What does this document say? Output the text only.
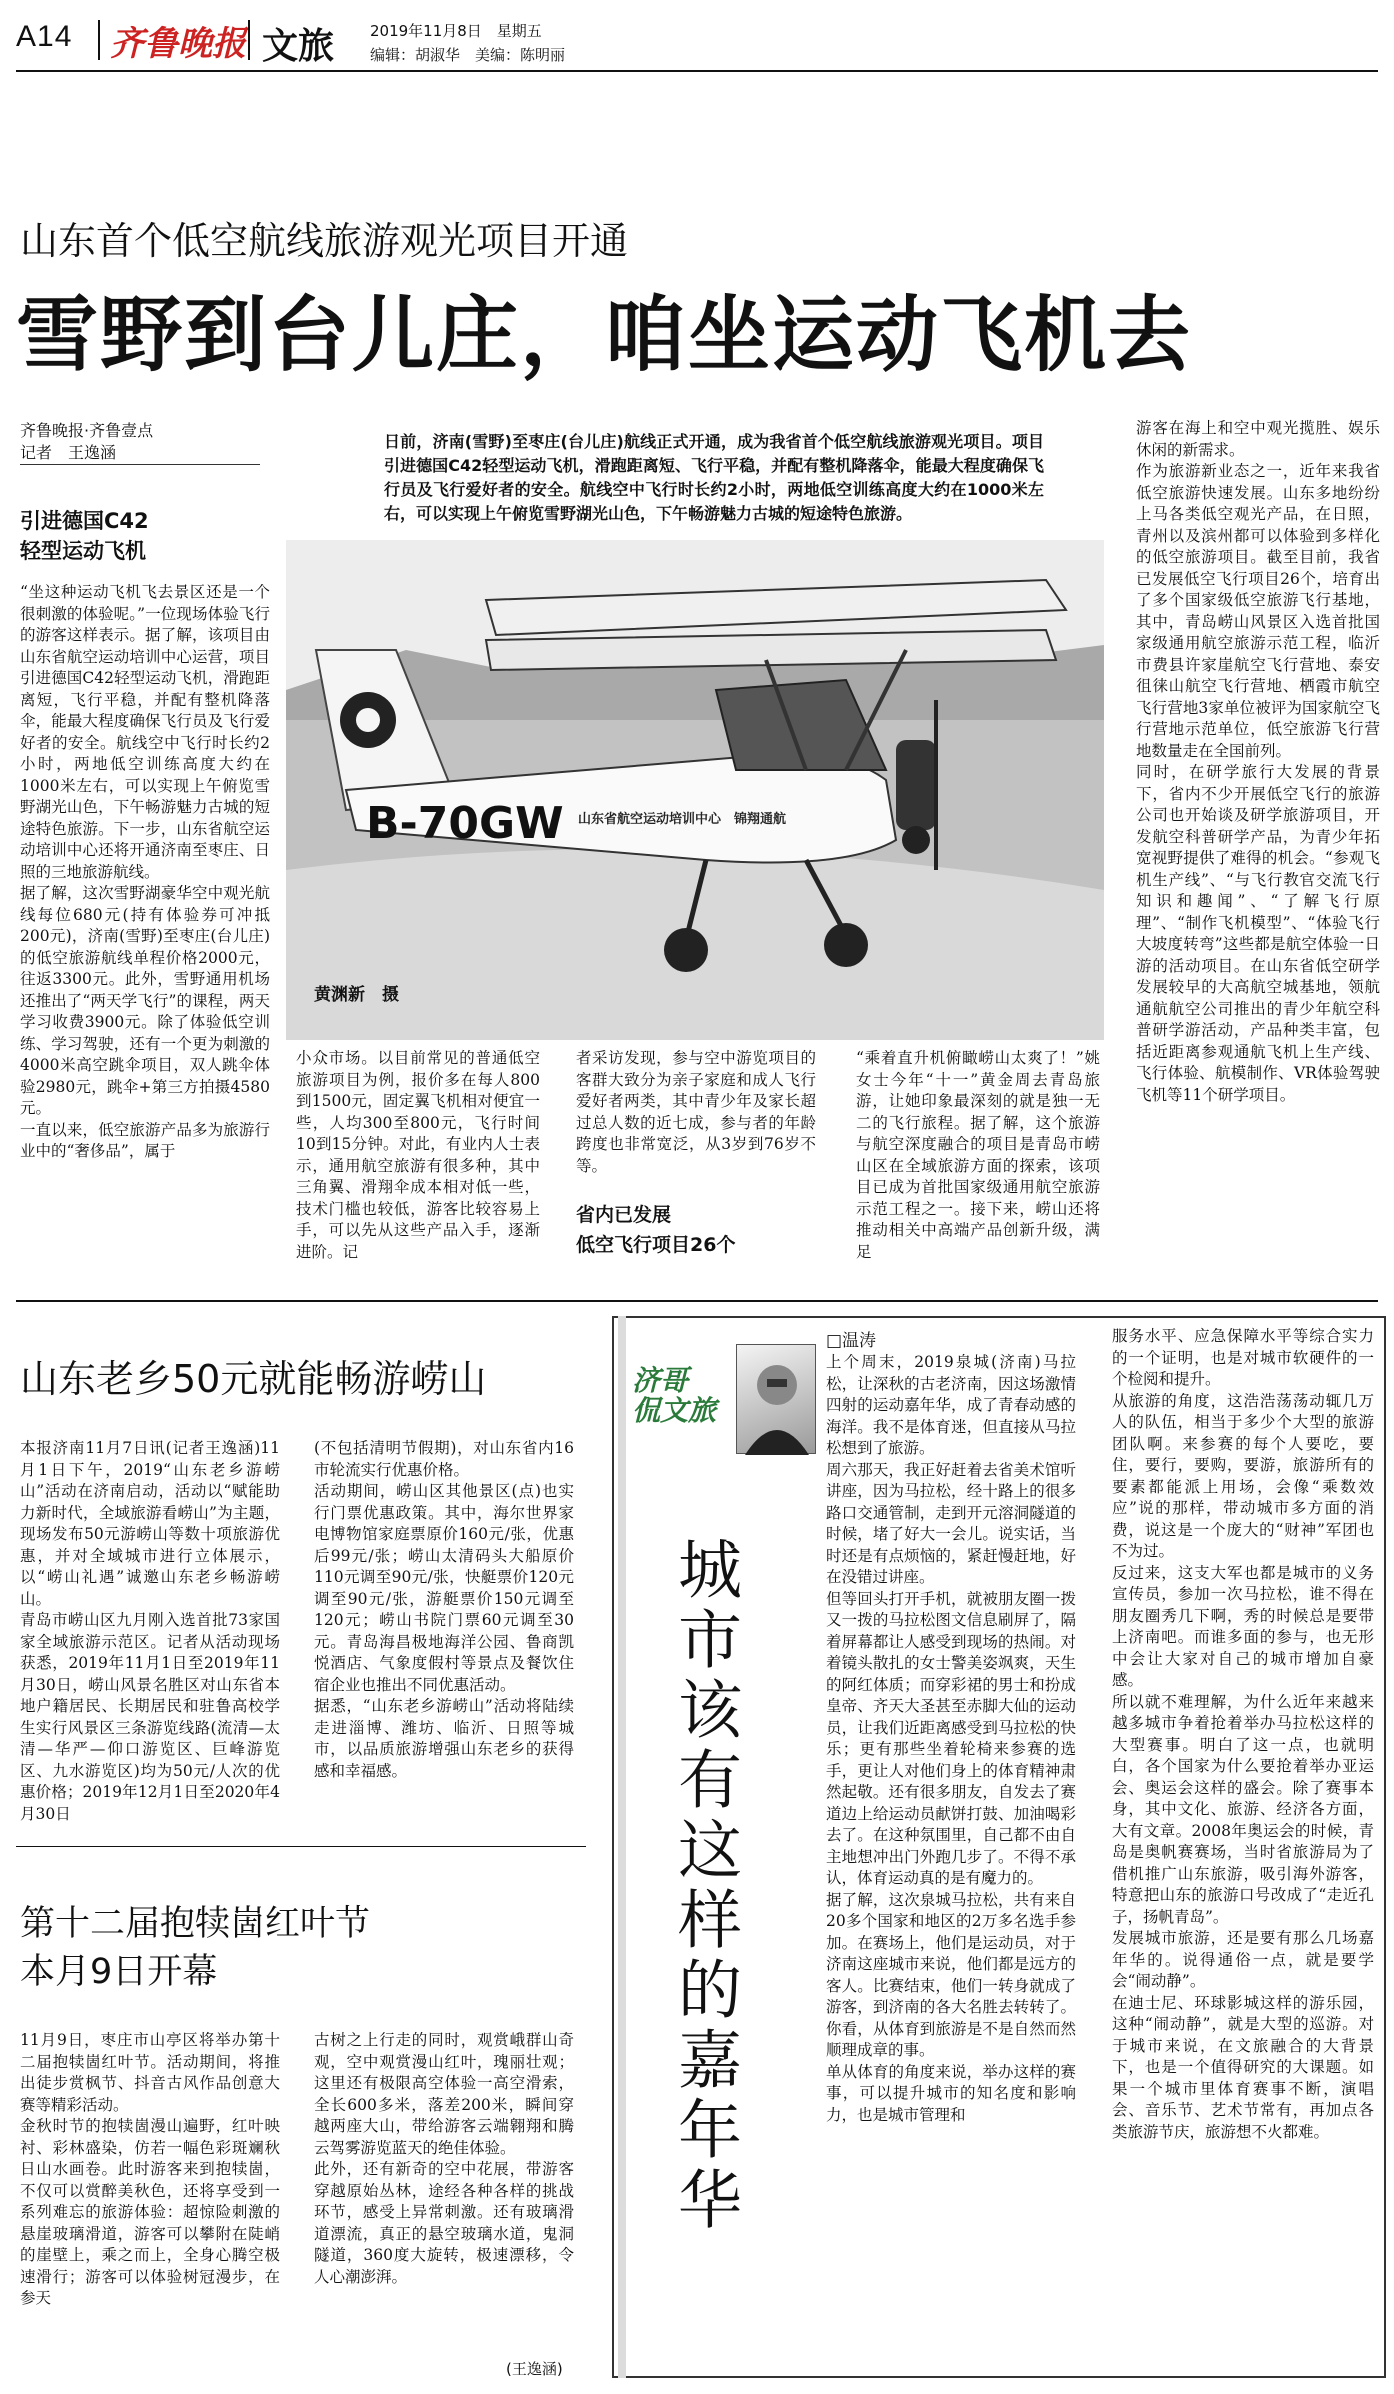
A14 齐鲁晚报 文旅 2019年11月8日　星期五
编辑：胡淑华　美编：陈明丽
山东首个低空航线旅游观光项目开通
雪野到台儿庄，咱坐运动飞机去
齐鲁晚报·齐鲁壹点
记者　王逸涵
引进德国C42
轻型运动飞机
“坐这种运动飞机飞去景区还是一个很刺激的体验呢。”一位现场体验飞行的游客这样表示。据了解，该项目由山东省航空运动培训中心运营，项目引进德国C42轻型运动飞机，滑跑距离短，飞行平稳，并配有整机降落伞，能最大程度确保飞行员及飞行爱好者的安全。航线空中飞行时长约2小时，两地低空训练高度大约在1000米左右，可以实现上午俯览雪野湖光山色，下午畅游魅力古城的短途特色旅游。下一步，山东省航空运动培训中心还将开通济南至枣庄、日照的三地旅游航线。
据了解，这次雪野湖豪华空中观光航线每位680元(持有体验券可冲抵200元)，济南(雪野)至枣庄(台儿庄)的低空旅游航线单程价格2000元，往返3300元。此外，雪野通用机场还推出了“两天学飞行”的课程，两天学习收费3900元。除了体验低空训练、学习驾驶，还有一个更为刺激的4000米高空跳伞项目，双人跳伞体验2980元，跳伞+第三方拍摄4580元。
一直以来，低空旅游产品多为旅游行业中的“奢侈品”，属于
B-70GW 山东省航空运动培训中心　锦翔通航
黄渊新　摄
日前，济南(雪野)至枣庄(台儿庄)航线正式开通，成为我省首个低空航线旅游观光项目。项目引进德国C42轻型运动飞机，滑跑距离短、飞行平稳，并配有整机降落伞，能最大程度确保飞行员及飞行爱好者的安全。航线空中飞行时长约2小时，两地低空训练高度大约在1000米左右，可以实现上午俯览雪野湖光山色，下午畅游魅力古城的短途特色旅游。
小众市场。以目前常见的普通低空旅游项目为例，报价多在每人800到1500元，固定翼飞机相对便宜一些，人均300至800元，飞行时间10到15分钟。对此，有业内人士表示，通用航空旅游有很多种，其中三角翼、滑翔伞成本相对低一些，技术门槛也较低，游客比较容易上手，可以先从这些产品入手，逐渐进阶。记
者采访发现，参与空中游览项目的客群大致分为亲子家庭和成人飞行爱好者两类，其中青少年及家长超过总人数的近七成，参与者的年龄跨度也非常宽泛，从3岁到76岁不等。
省内已发展
低空飞行项目26个
“乘着直升机俯瞰崂山太爽了！”姚女士今年“十一”黄金周去青岛旅游，让她印象最深刻的就是独一无二的飞行旅程。据了解，这个旅游与航空深度融合的项目是青岛市崂山区在全域旅游方面的探索，该项目已成为首批国家级通用航空旅游示范工程之一。接下来，崂山还将推动相关中高端产品创新升级，满足
游客在海上和空中观光揽胜、娱乐休闲的新需求。
作为旅游新业态之一，近年来我省低空旅游快速发展。山东多地纷纷上马各类低空观光产品，在日照，青州以及滨州都可以体验到多样化的低空旅游项目。截至目前，我省已发展低空飞行项目26个，培育出了多个国家级低空旅游飞行基地，其中，青岛崂山风景区入选首批国家级通用航空旅游示范工程，临沂市费县许家崖航空飞行营地、泰安徂徕山航空飞行营地、栖霞市航空飞行营地3家单位被评为国家航空飞行营地示范单位，低空旅游飞行营地数量走在全国前列。
同时，在研学旅行大发展的背景下，省内不少开展低空飞行的旅游公司也开始谈及研学旅游项目，开发航空科普研学产品，为青少年拓宽视野提供了难得的机会。“参观飞机生产线”、“与飞行教官交流飞行知识和趣闻”、“了解飞行原理”、“制作飞机模型”、“体验飞行大坡度转弯”这些都是航空体验一日游的活动项目。在山东省低空研学发展较早的大高航空城基地，领航通航航空公司推出的青少年航空科普研学游活动，产品种类丰富，包括近距离参观通航飞机上生产线、飞行体验、航模制作、VR体验驾驶飞机等11个研学项目。
山东老乡50元就能畅游崂山
本报济南11月7日讯(记者王逸涵)11月1日下午，2019“山东老乡游崂山”活动在济南启动，活动以“赋能助力新时代，全域旅游看崂山”为主题，现场发布50元游崂山等数十项旅游优惠，并对全域城市进行立体展示，以“崂山礼遇”诚邀山东老乡畅游崂山。
青岛市崂山区九月刚入选首批73家国家全域旅游示范区。记者从活动现场获悉，2019年11月1日至2019年11月30日，崂山风景名胜区对山东省本地户籍居民、长期居民和驻鲁高校学生实行风景区三条游览线路(流清—太清—华严—仰口游览区、巨峰游览区、九水游览区)均为50元/人次的优惠价格；2019年12月1日至2020年4月30日
(不包括清明节假期)，对山东省内16市轮流实行优惠价格。
活动期间，崂山区其他景区(点)也实行门票优惠政策。其中，海尔世界家电博物馆家庭票原价160元/张，优惠后99元/张；崂山太清码头大船原价110元调至90元/张，快艇票价120元调至90元/张，游艇票价150元调至120元；崂山书院门票60元调至30元。青岛海昌极地海洋公园、鲁商凯悦酒店、气象度假村等景点及餐饮住宿企业也推出不同优惠活动。
据悉，“山东老乡游崂山”活动将陆续走进淄博、潍坊、临沂、日照等城市，以品质旅游增强山东老乡的获得感和幸福感。
第十二届抱犊崮红叶节
本月9日开幕
11月9日，枣庄市山亭区将举办第十二届抱犊崮红叶节。活动期间，将推出徒步赏枫节、抖音古风作品创意大赛等精彩活动。
金秋时节的抱犊崮漫山遍野，红叶映衬、彩林盛染，仿若一幅色彩斑斓秋日山水画卷。此时游客来到抱犊崮，不仅可以赏醉美秋色，还将享受到一系列难忘的旅游体验：超惊险刺激的悬崖玻璃滑道，游客可以攀附在陡峭的崖壁上，乘之而上，全身心腾空极速滑行；游客可以体验树冠漫步，在参天
古树之上行走的同时，观赏峨群山奇观，空中观赏漫山红叶，瑰丽壮观；这里还有极限高空体验一高空滑索，全长600多米，落差200米，瞬间穿越两座大山，带给游客云端翱翔和腾云驾雾游览蓝天的绝佳体验。
此外，还有新奇的空中花展，带游客穿越原始丛林，途经各种各样的挑战环节，感受上异常刺激。还有玻璃滑道漂流，真正的悬空玻璃水道，鬼洞隧道，360度大旋转，极速漂移，令人心潮澎湃。
(王逸涵)
济哥
侃文旅
城市该有这样的嘉年华
□温涛
上个周末，2019泉城(济南)马拉松，让深秋的古老济南，因这场激情四射的运动嘉年华，成了青春动感的海洋。我不是体育迷，但直接从马拉松想到了旅游。
周六那天，我正好赶着去省美术馆听讲座，因为马拉松，经十路上的很多路口交通管制，走到开元溶洞隧道的时候，堵了好大一会儿。说实话，当时还是有点烦恼的，紧赶慢赶地，好在没错过讲座。
但等回头打开手机，就被朋友圈一拨又一拨的马拉松图文信息刷屏了，隔着屏幕都让人感受到现场的热闹。对着镜头散扎的女士警美姿飒爽，天生的阿红体质；而穿彩裙的男士和扮成皇帝、齐天大圣甚至赤脚大仙的运动员，让我们近距离感受到马拉松的快乐；更有那些坐着轮椅来参赛的选手，更让人对他们身上的体育精神肃然起敬。还有很多朋友，自发去了赛道边上给运动员献饼打鼓、加油喝彩去了。在这种氛围里，自己都不由自主地想冲出门外跑几步了。不得不承认，体育运动真的是有魔力的。
据了解，这次泉城马拉松，共有来自20多个国家和地区的2万多名选手参加。在赛场上，他们是运动员，对于济南这座城市来说，他们都是远方的客人。比赛结束，他们一转身就成了游客，到济南的各大名胜去转转了。你看，从体育到旅游是不是自然而然顺理成章的事。
单从体育的角度来说，举办这样的赛事，可以提升城市的知名度和影响力，也是城市管理和
服务水平、应急保障水平等综合实力的一个证明，也是对城市软硬件的一个检阅和提升。
从旅游的角度，这浩浩荡荡动辄几万人的队伍，相当于多少个大型的旅游团队啊。来参赛的每个人要吃，要住，要行，要购，要游，旅游所有的要素都能派上用场，会像“乘数效应”说的那样，带动城市多方面的消费，说这是一个庞大的“财神”军团也不为过。
反过来，这支大军也都是城市的义务宣传员，参加一次马拉松，谁不得在朋友圈秀几下啊，秀的时候总是要带上济南吧。而谁多面的参与，也无形中会让大家对自己的城市增加自豪感。
所以就不难理解，为什么近年来越来越多城市争着抢着举办马拉松这样的大型赛事。明白了这一点，也就明白，各个国家为什么要抢着举办亚运会、奥运会这样的盛会。除了赛事本身，其中文化、旅游、经济各方面，大有文章。2008年奥运会的时候，青岛是奥帆赛赛场，当时省旅游局为了借机推广山东旅游，吸引海外游客，特意把山东的旅游口号改成了“走近孔子，扬帆青岛”。
发展城市旅游，还是要有那么几场嘉年华的。说得通俗一点，就是要学会“闹动静”。
在迪士尼、环球影城这样的游乐园，这种“闹动静”，就是大型的巡游。对于城市来说，在文旅融合的大背景下，也是一个值得研究的大课题。如果一个城市里体育赛事不断，演唱会、音乐节、艺术节常有，再加点各类旅游节庆，旅游想不火都难。
